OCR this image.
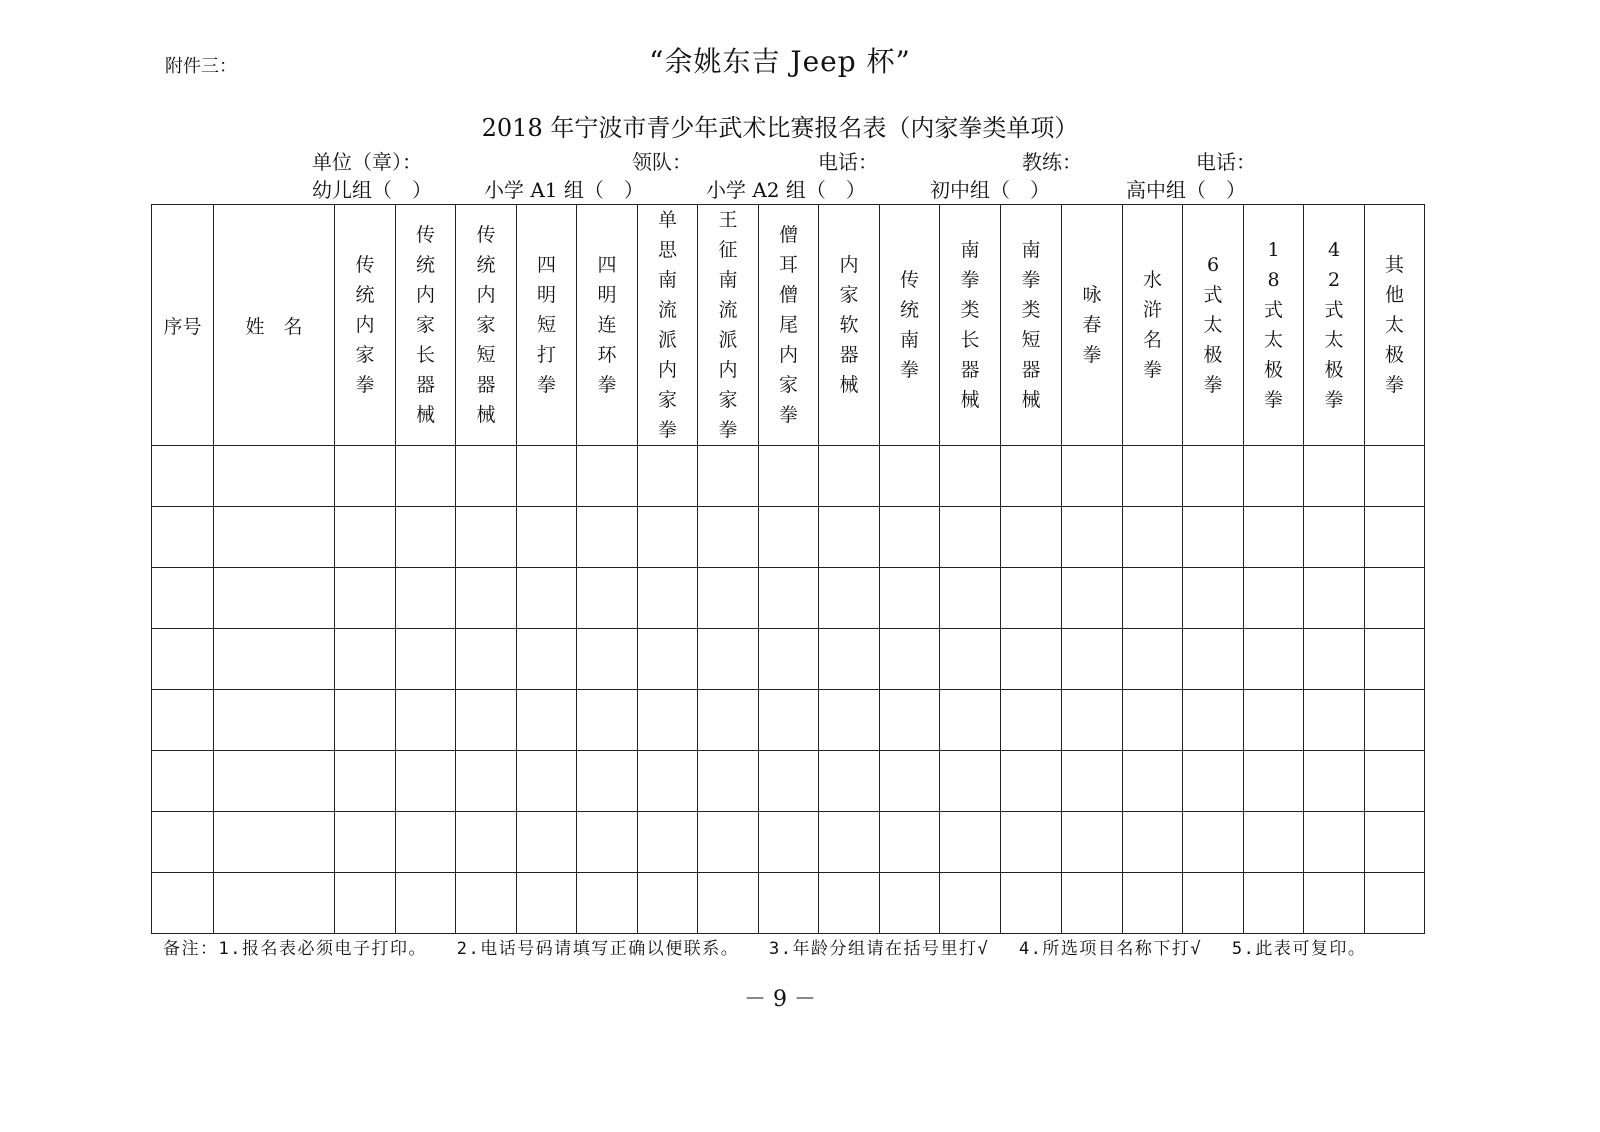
附件三：	“余姚东吉 Jeep 杯”
2018 年宁波市青少年武术比赛报名表（内家拳类单项）
单位（章）：	领队：	电话：	教练：	电话：
幼儿组（　）	小学 A1 组（　）	小学 A2 组（　）	初中组（　）	高中组（　）
序号	姓　名	传统内家拳	传统内家长器械	传统内家短器械	四明短打拳	四明连环拳	单思南流派内家拳	王征南流派内家拳	僧耳僧尾内家拳	内家软器械	传统南拳	南拳类长器械	南拳类短器械	咏春拳	水浒名拳	6式太极拳	18式太极拳	42式太极拳	其他太极拳

备注：1.报名表必须电子打印。 2.电话号码请填写正确以便联系。 3.年龄分组请在括号里打√ 4.所选项目名称下打√ 5.此表可复印。
－ 9 －
